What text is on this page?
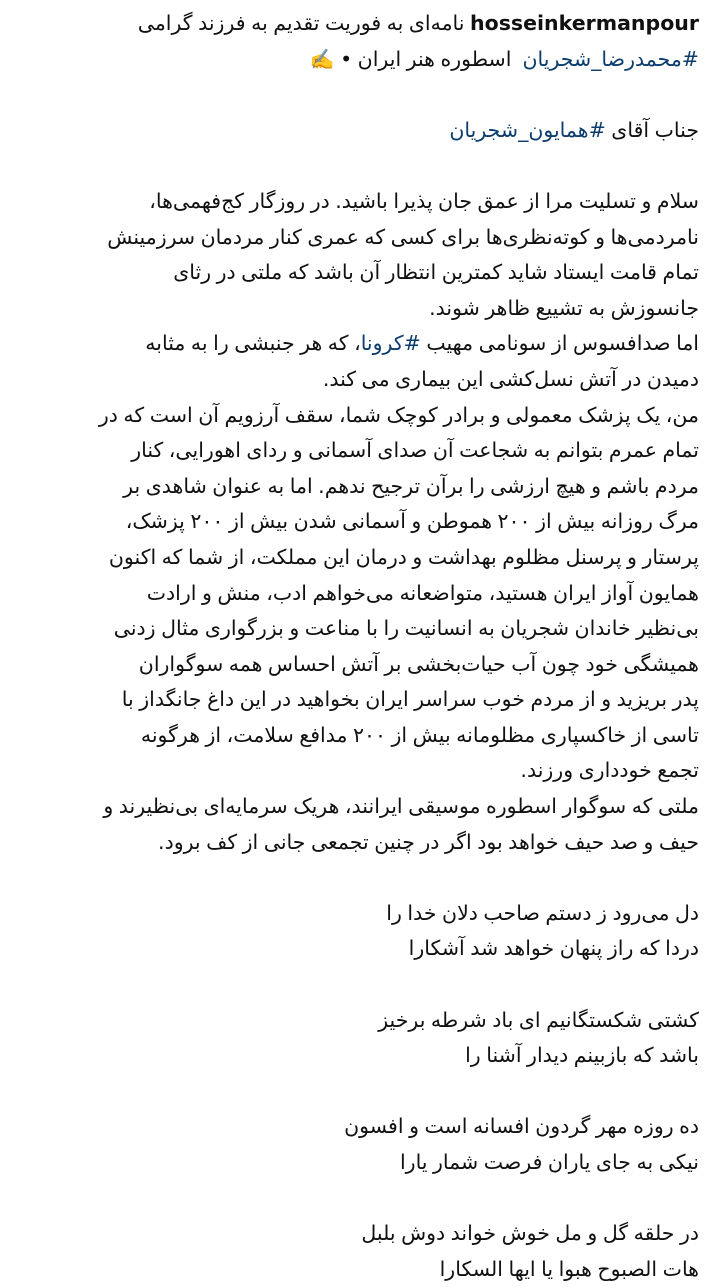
hosseinkermanpour نامه‌ای به فوریت تقدیم به فرزند گرامی
#محمدرضا_شجریان  اسطوره هنر ایران • ✍️
جناب آقای #همایون_شجریان
سلام و تسلیت مرا از عمق جان پذیرا باشید. در روزگار کج‌فهمی‌ها،
نامردمی‌ها و کوته‌نظری‌ها برای کسی که عمری کنار مردمان سرزمینش
تمام قامت ایستاد شاید کمترین انتظار آن باشد که ملتی در رثای
جانسوزش به تشییع ظاهر شوند.
اما صدافسوس از سونامی مهیب #کرونا، که هر جنبشی را به مثابه
دمیدن در آتش نسل‌کشی این بیماری می کند.
من، یک پزشک معمولی و برادر کوچک شما، سقف آرزویم آن است که در
تمام عمرم بتوانم به شجاعت آن صدای آسمانی و ردای اهورایی، کنار
مردم باشم و هیچ ارزشی را برآن ترجیح ندهم. اما به عنوان شاهدی بر
مرگ روزانه بیش از ۲۰۰ هموطن و آسمانی شدن بیش از ۲۰۰ پزشک،
پرستار و پرسنل مظلوم بهداشت و درمان این مملکت، از شما که اکنون
همایون آواز ایران هستید، متواضعانه می‌خواهم ادب، منش و ارادت
بی‌نظیر خاندان شجریان به انسانیت را با مناعت و بزرگواری مثال زدنی
همیشگی خود چون آب حیات‌بخشی بر آتش احساس همه سوگواران
پدر بریزید و از مردم خوب سراسر ایران بخواهید در این داغ جانگداز با
تاسی از خاکسپاری مظلومانه بیش از ۲۰۰ مدافع سلامت، از هرگونه
تجمع خودداری ورزند.
ملتی که سوگوار اسطوره موسیقی ایرانند، هریک سرمایه‌ای بی‌نظیرند و
حیف و صد حیف خواهد بود اگر در چنین تجمعی جانی از کف برود.
دل می‌رود ز دستم صاحب دلان خدا را
دردا که راز پنهان خواهد شد آشکارا
کشتی شکستگانیم ای باد شرطه برخیز
باشد که بازبینم دیدار آشنا را
ده روزه مهر گردون افسانه است و افسون
نیکی به جای یاران فرصت شمار یارا
در حلقه گل و مل خوش خواند دوش بلبل
هات الصبوح هبوا یا ایها السکارا
